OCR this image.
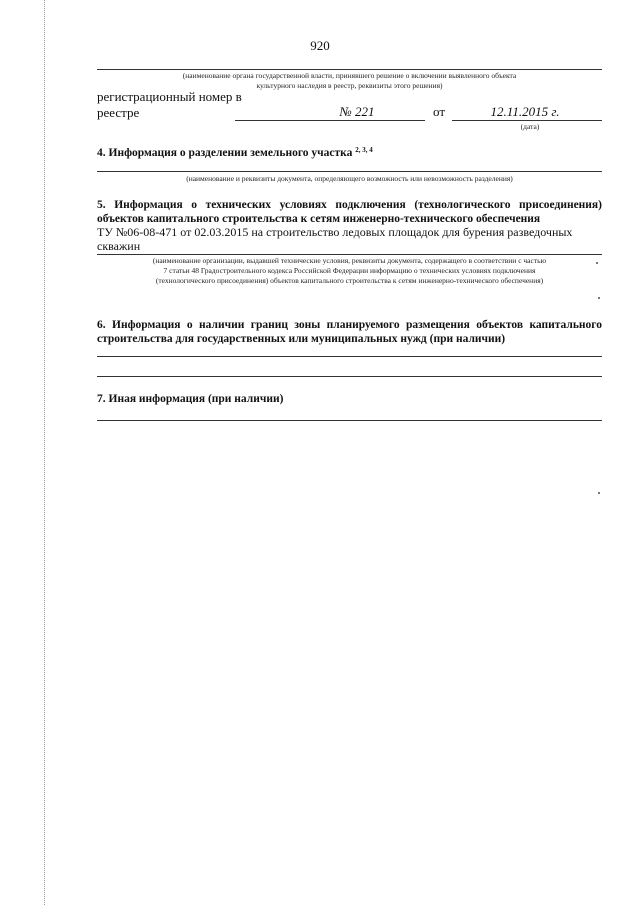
920
(наименование органа государственной власти, принявшего решение о включении выявленного объекта
культурного наследия в реестр, реквизиты этого решения)
регистрационный номер в
реестре	№ 221	от	12.11.2015 г.
(дата)
4. Информация о разделении земельного участка $^{2, 3, 4}$
(наименование и реквизиты документа, определяющего возможность или невозможность разделения)
5. Информация о технических условиях подключения (технологического присоединения)
объектов капитального строительства к сетям инженерно-технического обеспечения
ТУ №06-08-471 от 02.03.2015 на строительство ледовых площадок для бурения разведочных
скважин
(наименование организации, выдавшей технические условия, реквизиты документа, содержащего в соответствии с частью
7 статьи 48 Градостроительного кодекса Российской Федерации информацию о технических условиях подключения
(технологического присоединения) объектов капитального строительства к сетям инженерно-технического обеспечения)
6. Информация о наличии границ зоны планируемого размещения объектов капитального
строительства для государственных или муниципальных нужд (при наличии)
7. Иная информация (при наличии)
